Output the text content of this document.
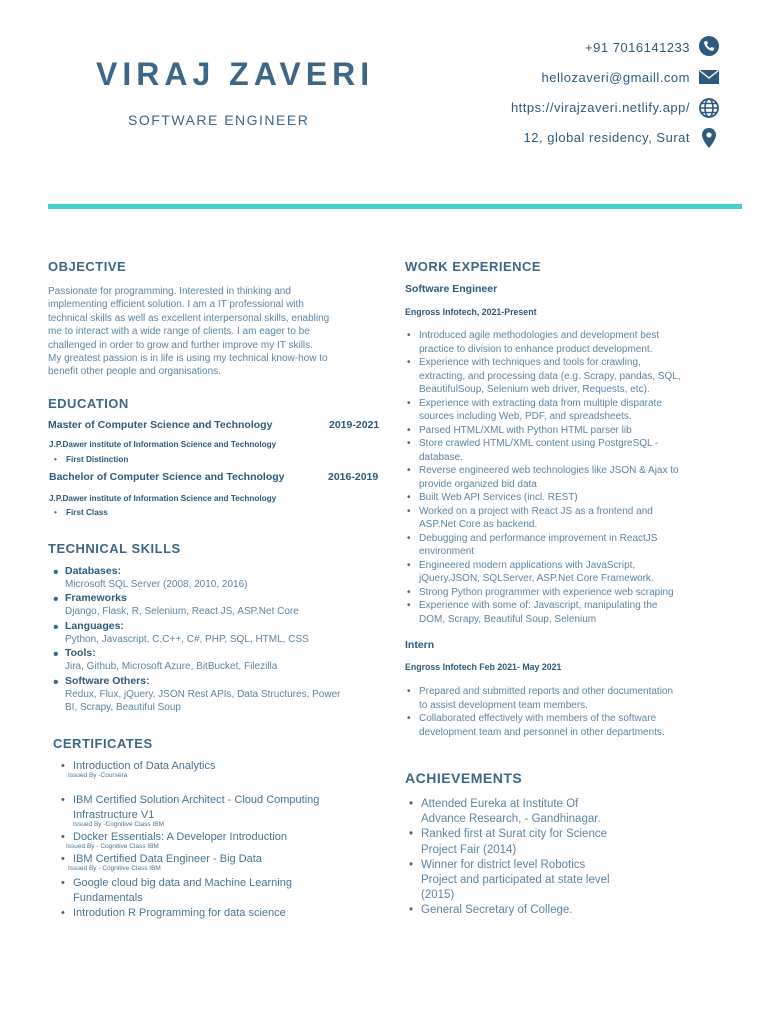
VIRAJ ZAVERI
SOFTWARE ENGINEER
+91 7016141233
hellozaveri@gmaill.com
https://virajzaveri.netlify.app/
12, global residency, Surat
OBJECTIVE
Passionate for programming. Interested in thinking and
implementing efficient solution. I am a IT professional with
technical skills as well as excellent interpersonal skills, enabling
me to interact with a wide range of clients. I am eager to be
challenged in order to grow and further improve my IT skills.
My greatest passion is in life is using my technical know-how to
benefit other people and organisations.
EDUCATION
Master of Computer Science and Technology	2019-2021
J.P.Dawer institute of Information Science and Technology
• First Distinction
Bachelor of Computer Science and Technology	2016-2019
J.P.Dawer institute of Information Science and Technology
• First Class
TECHNICAL SKILLS
• Databases:
Microsoft SQL Server (2008, 2010, 2016)
• Frameworks
Django, Flask, R, Selenium, React JS, ASP.Net Core
• Languages:
Python, Javascript, C,C++, C#, PHP, SQL, HTML, CSS
• Tools:
Jira, Github, Microsoft Azure, BitBucket, Filezilla
• Software Others:
Redux, Flux, jQuery, JSON Rest APIs, Data Structures, Power
BI, Scrapy, Beautiful Soup
CERTIFICATES
• Introduction of Data Analytics
Issued By -Coursera
• IBM Certified Solution Architect - Cloud Computing
Infrastructure V1
Issued By -Cognitive Class IBM
• Docker Essentials: A Developer Introduction
Issued By - Cognitive Class IBM
• IBM Certified Data Engineer - Big Data
Issued By - Cognitive Class IBM
• Google cloud big data and Machine Learning
Fundamentals
• Introdution R Programming for data science
WORK EXPERIENCE
Software Engineer
Engross Infotech, 2021-Present
• Introduced agile methodologies and development best
practice to division to enhance product development.
• Experience with techniques and tools for crawling,
extracting, and processing data (e.g. Scrapy, pandas, SQL,
BeautifulSoup, Selenium web driver, Requests, etc).
• Experience with extracting data from multiple disparate
sources including Web, PDF, and spreadsheets.
• Parsed HTML/XML with Python HTML parser lib
• Store crawled HTML/XML content using PostgreSQL -
database.
• Reverse engineered web technologies like JSON & Ajax to
provide organized bid data
• Built Web API Services (incl. REST)
• Worked on a project with React JS as a frontend and
ASP.Net Core as backend.
• Debugging and performance improvement in ReactJS
environment
• Engineered modern applications with JavaScript,
jQuery,JSON, SQLServer, ASP.Net Core Framework.
• Strong Python programmer with experience web scraping
• Experience with some of: Javascript, manipulating the
DOM, Scrapy, Beautiful Soup, Selenium
Intern
Engross Infotech Feb 2021- May 2021
• Prepared and submitted reports and other documentation
to assist development team members.
• Collaborated effectively with members of the software
development team and personnel in other departments.
ACHIEVEMENTS
• Attended Eureka at Institute Of
Advance Research, - Gandhinagar.
• Ranked first at Surat city for Science
Project Fair (2014)
• Winner for district level Robotics
Project and participated at state level
(2015)
• General Secretary of College.
